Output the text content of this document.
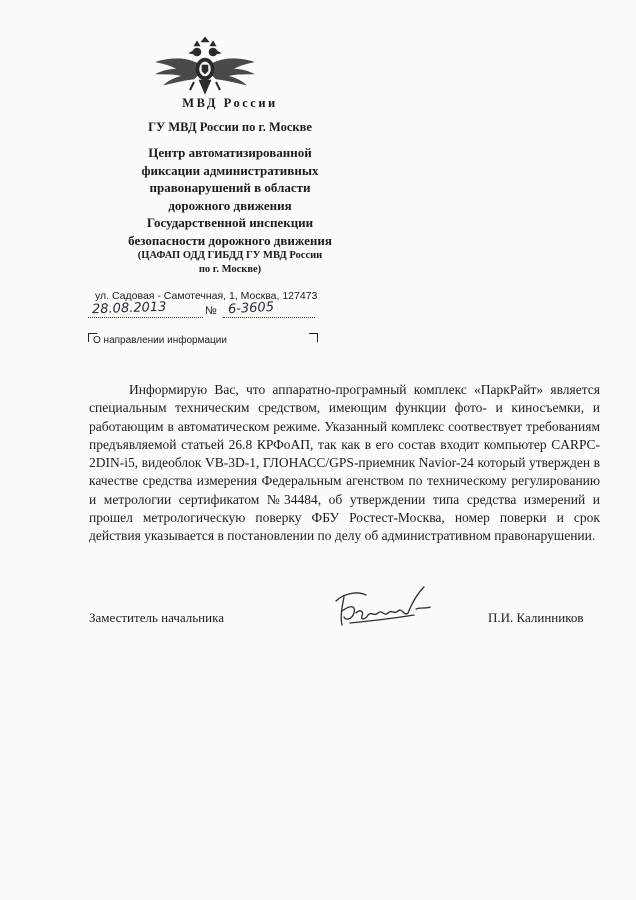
МВД России
ГУ МВД России по г. Москве
Центр автоматизированной
фиксации административных
правонарушений в области
дорожного движения
Государственной инспекции
безопасности дорожного движения
(ЦАФАП ОДД ГИБДД ГУ МВД России
по г. Москве)
ул. Садовая - Самотечная, 1, Москва, 127473
28.08.2013	№ 6-3605
О направлении информации

Информирую Вас, что аппаратно-програмный комплекс «ПаркРайт» является специальным техническим средством, имеющим функции фото- и киносъемки, и работающим в автоматическом режиме. Указанный комплекс соотвествует требованиям предъявляемой статьей 26.8 КРФоАП, так как в его состав входит компьютер CARPC-2DIN-i5, видеоблок VB-3D-1, ГЛОНАСС/GPS-приемник Navior-24 который утвержден в качестве средства измерения Федеральным агенством по техническому регулированию и метрологии сертификатом №34484, об утверждении типа средства измерений и прошел метрологическую поверку ФБУ Ростест-Москва, номер поверки и срок действия указывается в постановлении по делу об административном правонарушении.

Заместитель начальника	П.И. Калинников
